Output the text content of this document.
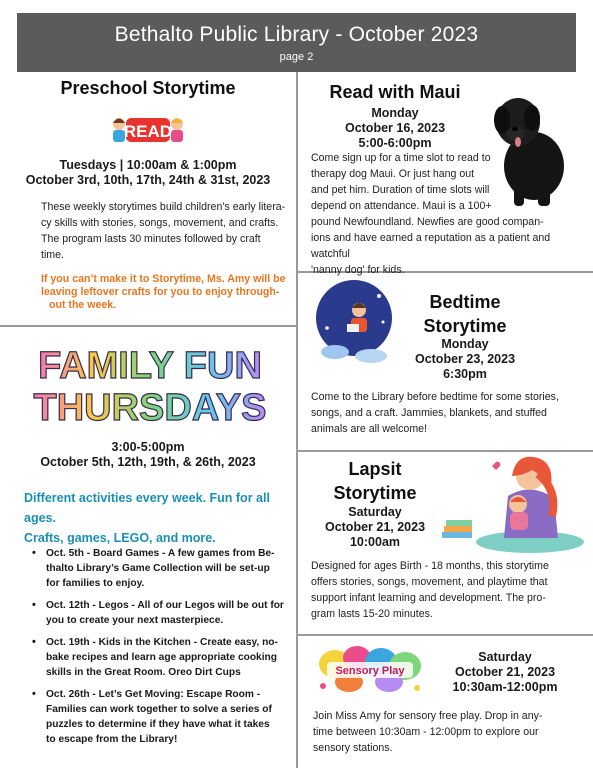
Bethalto Public Library - October 2023
page 2
Preschool Storytime
READ
Tuesdays | 10:00am & 1:00pm
October 3rd, 10th, 17th, 24th & 31st, 2023
These weekly storytimes build children’s early litera-
cy skills with stories, songs, movement, and crafts.
The program lasts 30 minutes followed by craft
time.
If you can’t make it to Storytime, Ms. Amy will be
leaving leftover crafts for you to enjoy through-
out the week.
FAMILY FUN
THURSDAYS
3:00-5:00pm
October 5th, 12th, 19th, & 26th, 2023
Different activities every week. Fun for all ages.
Crafts, games, LEGO, and more.
• Oct. 5th - Board Games - A few games from Be-
thalto Library’s Game Collection will be set-up
for families to enjoy.
• Oct. 12th - Legos - All of our Legos will be out for
you to create your next masterpiece.
• Oct. 19th - Kids in the Kitchen - Create easy, no-
bake recipes and learn age appropriate cooking
skills in the Great Room. Oreo Dirt Cups
• Oct. 26th - Let’s Get Moving: Escape Room -
Families can work together to solve a series of
puzzles to determine if they have what it takes
to escape from the Library!
Read with Maui
Monday
October 16, 2023
5:00-6:00pm
Come sign up for a time slot to read to
therapy dog Maui. Or just hang out
and pet him. Duration of time slots will
depend on attendance. Maui is a 100+
pound Newfoundland. Newfies are good compan-
ions and have earned a reputation as a patient and watchful
'nanny dog' for kids.
Bedtime
Storytime
Monday
October 23, 2023
6:30pm
Come to the Library before bedtime for some stories,
songs, and a craft. Jammies, blankets, and stuffed
animals are all welcome!
Lapsit
Storytime
Saturday
October 21, 2023
10:00am
Designed for ages Birth - 18 months, this storytime
offers stories, songs, movement, and playtime that
support infant learning and development. The pro-
gram lasts 15-20 minutes.
Sensory Play
Saturday
October 21, 2023
10:30am-12:00pm
Join Miss Amy for sensory free play. Drop in any-
time between 10:30am - 12:00pm to explore our
sensory stations.
